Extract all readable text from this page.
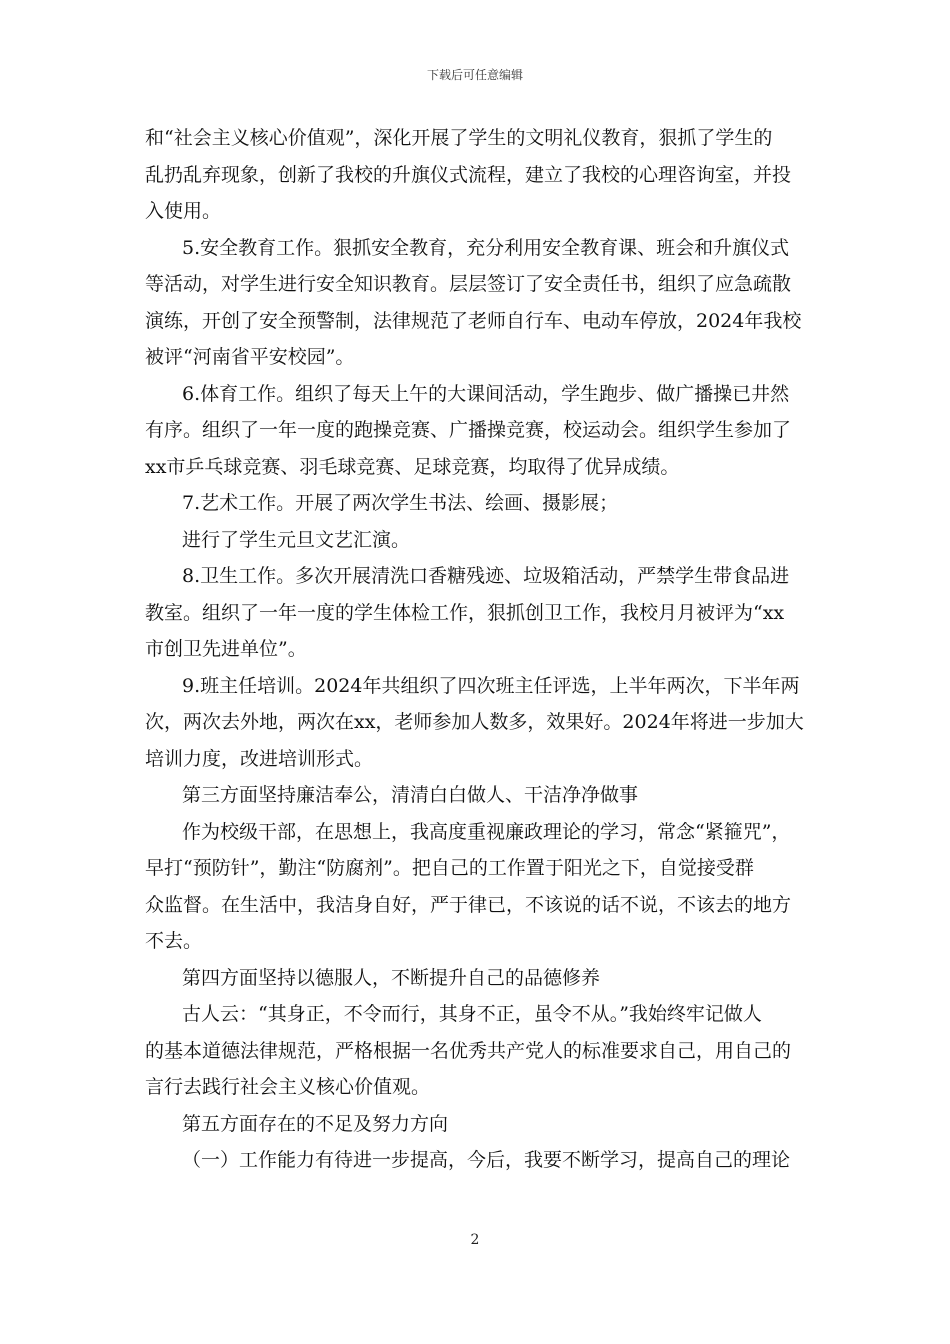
下载后可任意编辑
和“社会主义核心价值观”，深化开展了学生的文明礼仪教育，狠抓了学生的
乱扔乱弃现象，创新了我校的升旗仪式流程，建立了我校的心理咨询室，并投
入使用。
5.安全教育工作。狠抓安全教育，充分利用安全教育课、班会和升旗仪式
等活动，对学生进行安全知识教育。层层签订了安全责任书，组织了应急疏散
演练，开创了安全预警制，法律规范了老师自行车、电动车停放，2024年我校
被评“河南省平安校园”。
6.体育工作。组织了每天上午的大课间活动，学生跑步、做广播操已井然
有序。组织了一年一度的跑操竞赛、广播操竞赛，校运动会。组织学生参加了
xx市乒乓球竞赛、羽毛球竞赛、足球竞赛，均取得了优异成绩。
7.艺术工作。开展了两次学生书法、绘画、摄影展；
进行了学生元旦文艺汇演。
8.卫生工作。多次开展清洗口香糖残迹、垃圾箱活动，严禁学生带食品进
教室。组织了一年一度的学生体检工作，狠抓创卫工作，我校月月被评为“xx
市创卫先进单位”。
9.班主任培训。2024年共组织了四次班主任评选，上半年两次，下半年两
次，两次去外地，两次在xx，老师参加人数多，效果好。2024年将进一步加大
培训力度，改进培训形式。
第三方面坚持廉洁奉公，清清白白做人、干洁净净做事
作为校级干部，在思想上，我高度重视廉政理论的学习，常念“紧箍咒”，
早打“预防针”，勤注“防腐剂”。把自己的工作置于阳光之下，自觉接受群
众监督。在生活中，我洁身自好，严于律已，不该说的话不说，不该去的地方
不去。
第四方面坚持以德服人，不断提升自己的品德修养
古人云：“其身正，不令而行，其身不正，虽令不从。”我始终牢记做人
的基本道德法律规范，严格根据一名优秀共产党人的标准要求自己，用自己的
言行去践行社会主义核心价值观。
第五方面存在的不足及努力方向
（一）工作能力有待进一步提高，今后，我要不断学习，提高自己的理论
2
